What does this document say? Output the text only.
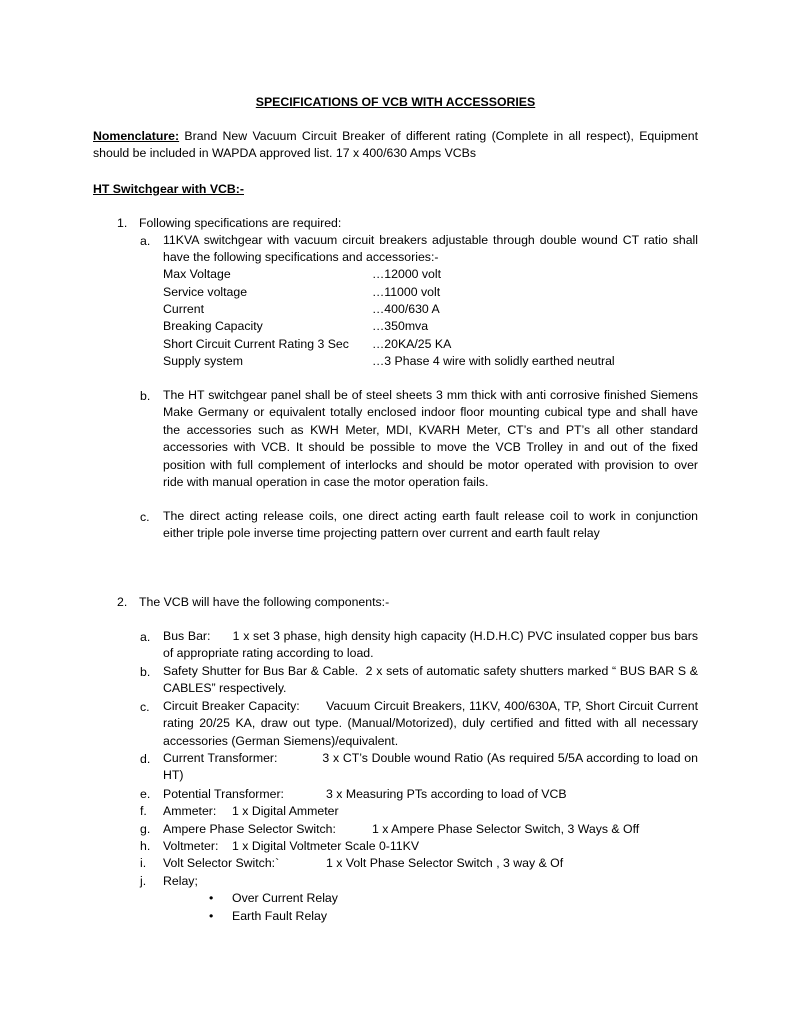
SPECIFICATIONS OF VCB WITH ACCESSORIES
Nomenclature: Brand New Vacuum Circuit Breaker of different rating (Complete in all respect), Equipment should be included in WAPDA approved list. 17 x 400/630 Amps VCBs
HT Switchgear with VCB:-
1. Following specifications are required:
a. 11KVA switchgear with vacuum circuit breakers adjustable through double wound CT ratio shall have the following specifications and accessories:-
Max Voltage	…12000 volt
Service voltage	…11000 volt
Current	…400/630 A
Breaking Capacity	…350mva
Short Circuit Current Rating 3 Sec …20KA/25 KA
Supply system	…3 Phase 4 wire with solidly earthed neutral
b. The HT switchgear panel shall be of steel sheets 3 mm thick with anti corrosive finished Siemens Make Germany or equivalent totally enclosed indoor floor mounting cubical type and shall have the accessories such as KWH Meter, MDI, KVARH Meter, CT’s and PT’s all other standard accessories with VCB. It should be possible to move the VCB Trolley in and out of the fixed position with full complement of interlocks and should be motor operated with provision to over ride with manual operation in case the motor operation fails.
c. The direct acting release coils, one direct acting earth fault release coil to work in conjunction either triple pole inverse time projecting pattern over current and earth fault relay
2. The VCB will have the following components:-
a. Bus Bar: 1 x set 3 phase, high density high capacity (H.D.H.C) PVC insulated copper bus bars of appropriate rating according to load.
b. Safety Shutter for Bus Bar & Cable. 2 x sets of automatic safety shutters marked “ BUS BAR S & CABLES” respectively.
c. Circuit Breaker Capacity: Vacuum Circuit Breakers, 11KV, 400/630A, TP, Short Circuit Current rating 20/25 KA, draw out type. (Manual/Motorized), duly certified and fitted with all necessary accessories (German Siemens)/equivalent.
d. Current Transformer:	3 x CT’s Double wound Ratio (As required 5/5A according to load on HT)
e. Potential Transformer:	3 x Measuring PTs according to load of VCB
f. Ammeter: 1 x Digital Ammeter
g. Ampere Phase Selector Switch:	1 x Ampere Phase Selector Switch, 3 Ways & Off
h. Voltmeter: 1 x Digital Voltmeter Scale 0-11KV
i. Volt Selector Switch:`	1 x Volt Phase Selector Switch , 3 way & Of
j. Relay;
• Over Current Relay
• Earth Fault Relay
